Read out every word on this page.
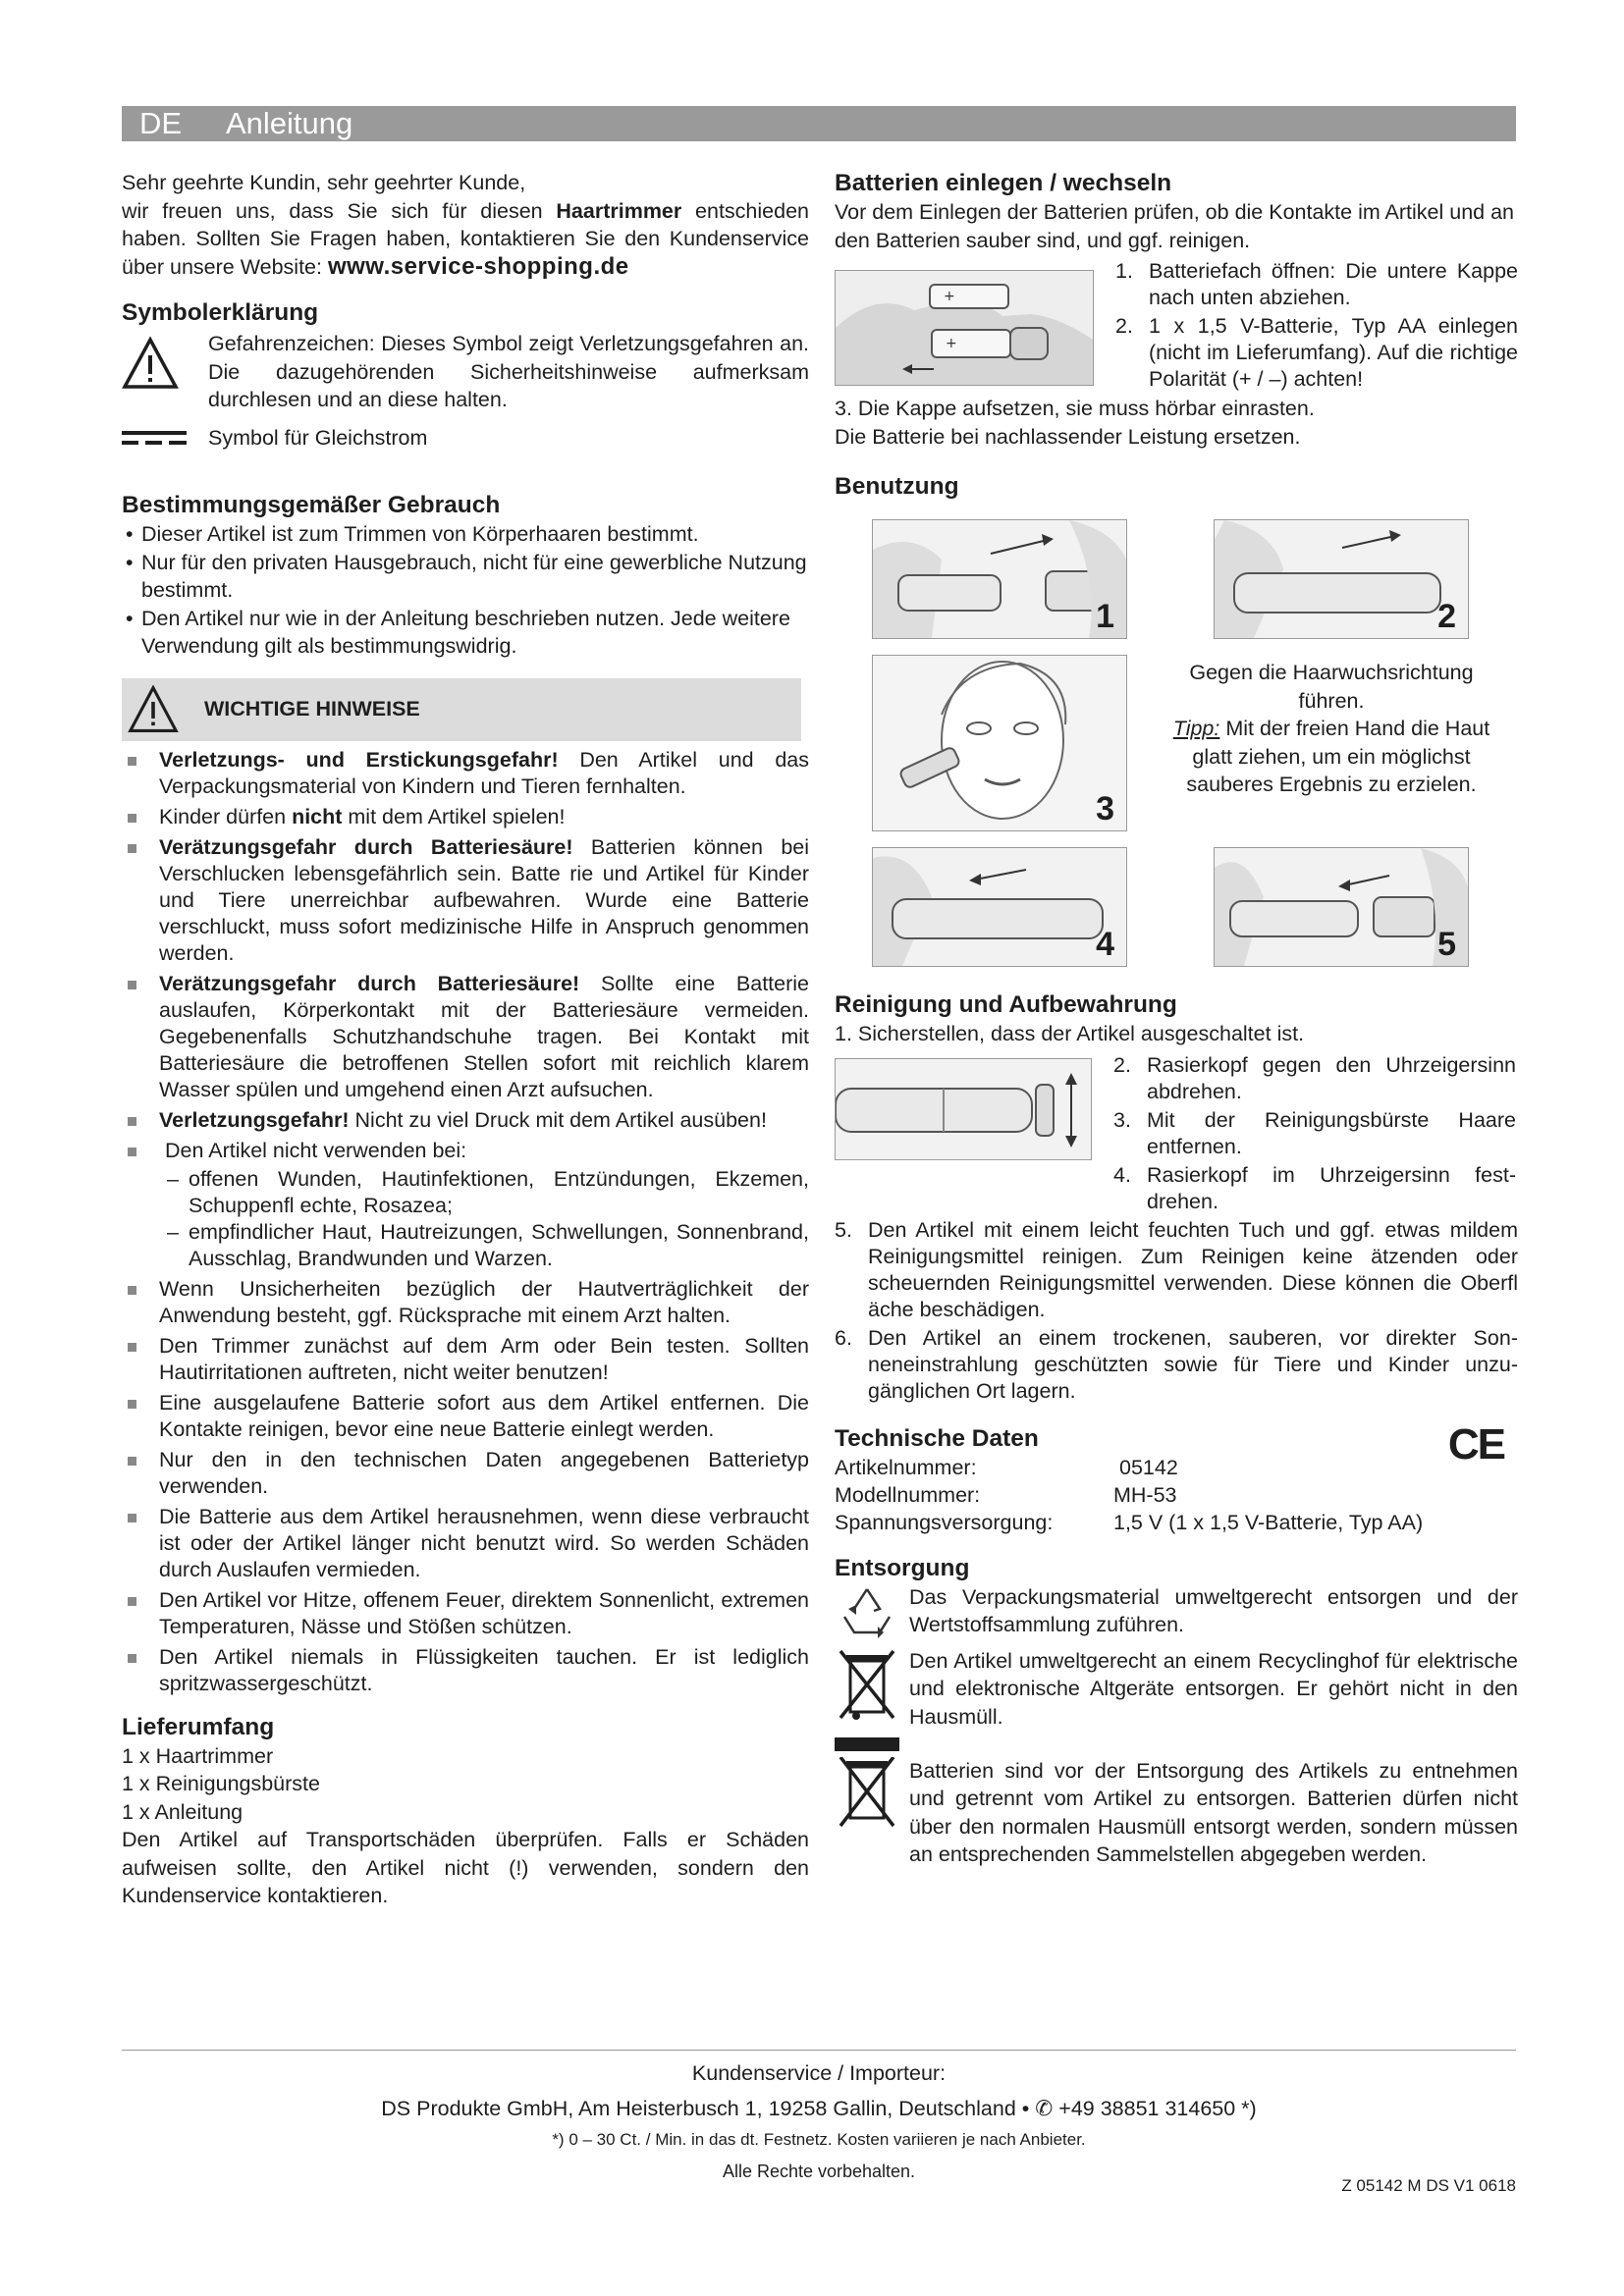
DE Anleitung

Sehr geehrte Kundin, sehr geehrter Kunde,

wir freuen uns, dass Sie sich für diesen Haartrimmer entschieden haben. Sollten Sie Fragen haben, kontaktieren Sie den Kundenservice über unsere Website: www.service-shopping.de

Symbolerklärung

Gefahrenzeichen: Dieses Symbol zeigt Verletzungsgefahren an. Die dazugehörenden Sicherheitshinweise aufmerksam durchlesen und an diese halten.

Symbol für Gleichstrom

Bestimmungsgemäßer Gebrauch
• Dieser Artikel ist zum Trimmen von Körperhaaren bestimmt.
• Nur für den privaten Hausgebrauch, nicht für eine gewerbliche Nutzung bestimmt.
• Den Artikel nur wie in der Anleitung beschrieben nutzen. Jede weitere Verwendung gilt als bestimmungswidrig.
WICHTIGE HINWEISE
Verletzungs- und Erstickungsgefahr! Den Artikel und das Verpackungsmaterial von Kindern und Tieren fernhalten.
Kinder dürfen nicht mit dem Artikel spielen!
Verätzungsgefahr durch Batteriesäure! Batterien können bei Verschlucken lebensgefährlich sein. Batte rie und Artikel für Kinder und Tiere unerreichbar aufbewahren. Wurde eine Batterie verschluckt, muss sofort medizinische Hilfe in Anspruch genommen werden.
Verätzungsgefahr durch Batteriesäure! Sollte eine Batterie auslaufen, Körperkontakt mit der Batteriesäure vermeiden. Gegebenenfalls Schutzhandschuhe tragen. Bei Kontakt mit Batteriesäure die betroffenen Stellen sofort mit reichlich klarem Wasser spülen und umgehend einen Arzt aufsuchen.
Verletzungsgefahr! Nicht zu viel Druck mit dem Artikel ausüben!
Den Artikel nicht verwenden bei:
– offenen Wunden, Hautinfektionen, Entzündungen, Ekzemen, Schuppenfl echte, Rosazea;
– empfindlicher Haut, Hautreizungen, Schwellungen, Sonnenbrand, Ausschlag, Brandwunden und Warzen.
Wenn Unsicherheiten bezüglich der Hautverträglichkeit der Anwendung besteht, ggf. Rücksprache mit einem Arzt halten.
Den Trimmer zunächst auf dem Arm oder Bein testen. Sollten Hautirritationen auftreten, nicht weiter benutzen!
Eine ausgelaufene Batterie sofort aus dem Artikel entfernen. Die Kontakte reinigen, bevor eine neue Batterie einlegt werden.
Nur den in den technischen Daten angegebenen Batterietyp verwenden.
Die Batterie aus dem Artikel herausnehmen, wenn diese verbraucht ist oder der Artikel länger nicht benutzt wird. So werden Schäden durch Auslaufen vermieden.
Den Artikel vor Hitze, offenem Feuer, direktem Sonnenlicht, extremen Temperaturen, Nässe und Stößen schützen.
Den Artikel niemals in Flüssigkeiten tauchen. Er ist lediglich spritzwassergeschützt.
Lieferumfang

1 x Haartrimmer

1 x Reinigungsbürste

1 x Anleitung

Den Artikel auf Transportschäden überprüfen. Falls er Schäden aufweisen sollte, den Artikel nicht (!) verwenden, sondern den Kundenservice kontaktieren.

Batterien einlegen / wechseln

Vor dem Einlegen der Batterien prüfen, ob die Kontakte im Artikel und an den Batterien sauber sind, und ggf. reinigen.

+
+
1. Batteriefach öffnen: Die untere Kappe nach unten abziehen.
2. 1 x 1,5 V-Batterie, Typ AA einlegen (nicht im Lieferumfang). Auf die richtige Polarität (+ / –) achten!

3. Die Kappe aufsetzen, sie muss hörbar einrasten.

Die Batterie bei nachlassender Leistung ersetzen.

Benutzung
1	2
3

Gegen die Haarwuchsrichtung führen.

Tipp: Mit der freien Hand die Haut glatt ziehen, um ein möglichst sauberes Ergebnis zu erzielen.

4	5
Reinigung und Aufbewahrung

1. Sicherstellen, dass der Artikel ausgeschaltet ist.

2. Rasierkopf gegen den Uhrzeigersinn abdrehen.
3. Mit der Reinigungsbürste Haare entfernen.
4. Rasierkopf im Uhrzeigersinn festdrehen.
5. Den Artikel mit einem leicht feuchten Tuch und ggf. etwas mildem Reinigungsmittel reinigen. Zum Reinigen keine ätzenden oder scheuernden Reinigungsmittel verwenden. Diese können die Oberfl äche beschädigen.
6. Den Artikel an einem trockenen, sauberen, vor direkter Sonneneinstrahlung geschützten sowie für Tiere und Kinder unzugänglichen Ort lagern.
Technische Daten	CE
Artikelnummer:	05142
Modellnummer:	MH-53
Spannungsversorgung:	1,5 V (1 x 1,5 V-Batterie, Typ AA)
Entsorgung

Das Verpackungsmaterial umweltgerecht entsorgen und der Wertstoffsammlung zuführen.

Den Artikel umweltgerecht an einem Recyclinghof für elektrische und elektronische Altgeräte entsorgen. Er gehört nicht in den Hausmüll.

Batterien sind vor der Entsorgung des Artikels zu entnehmen und getrennt vom Artikel zu entsorgen. Batterien dürfen nicht über den normalen Hausmüll entsorgt werden, sondern müssen an entsprechenden Sammelstellen abgegeben werden.

Kundenservice / Importeur:
DS Produkte GmbH, Am Heisterbusch 1, 19258 Gallin, Deutschland • ✆ +49 38851 314650 *)
*) 0 – 30 Ct. / Min. in das dt. Festnetz. Kosten variieren je nach Anbieter.
Alle Rechte vorbehalten.
Z 05142 M DS V1 0618
